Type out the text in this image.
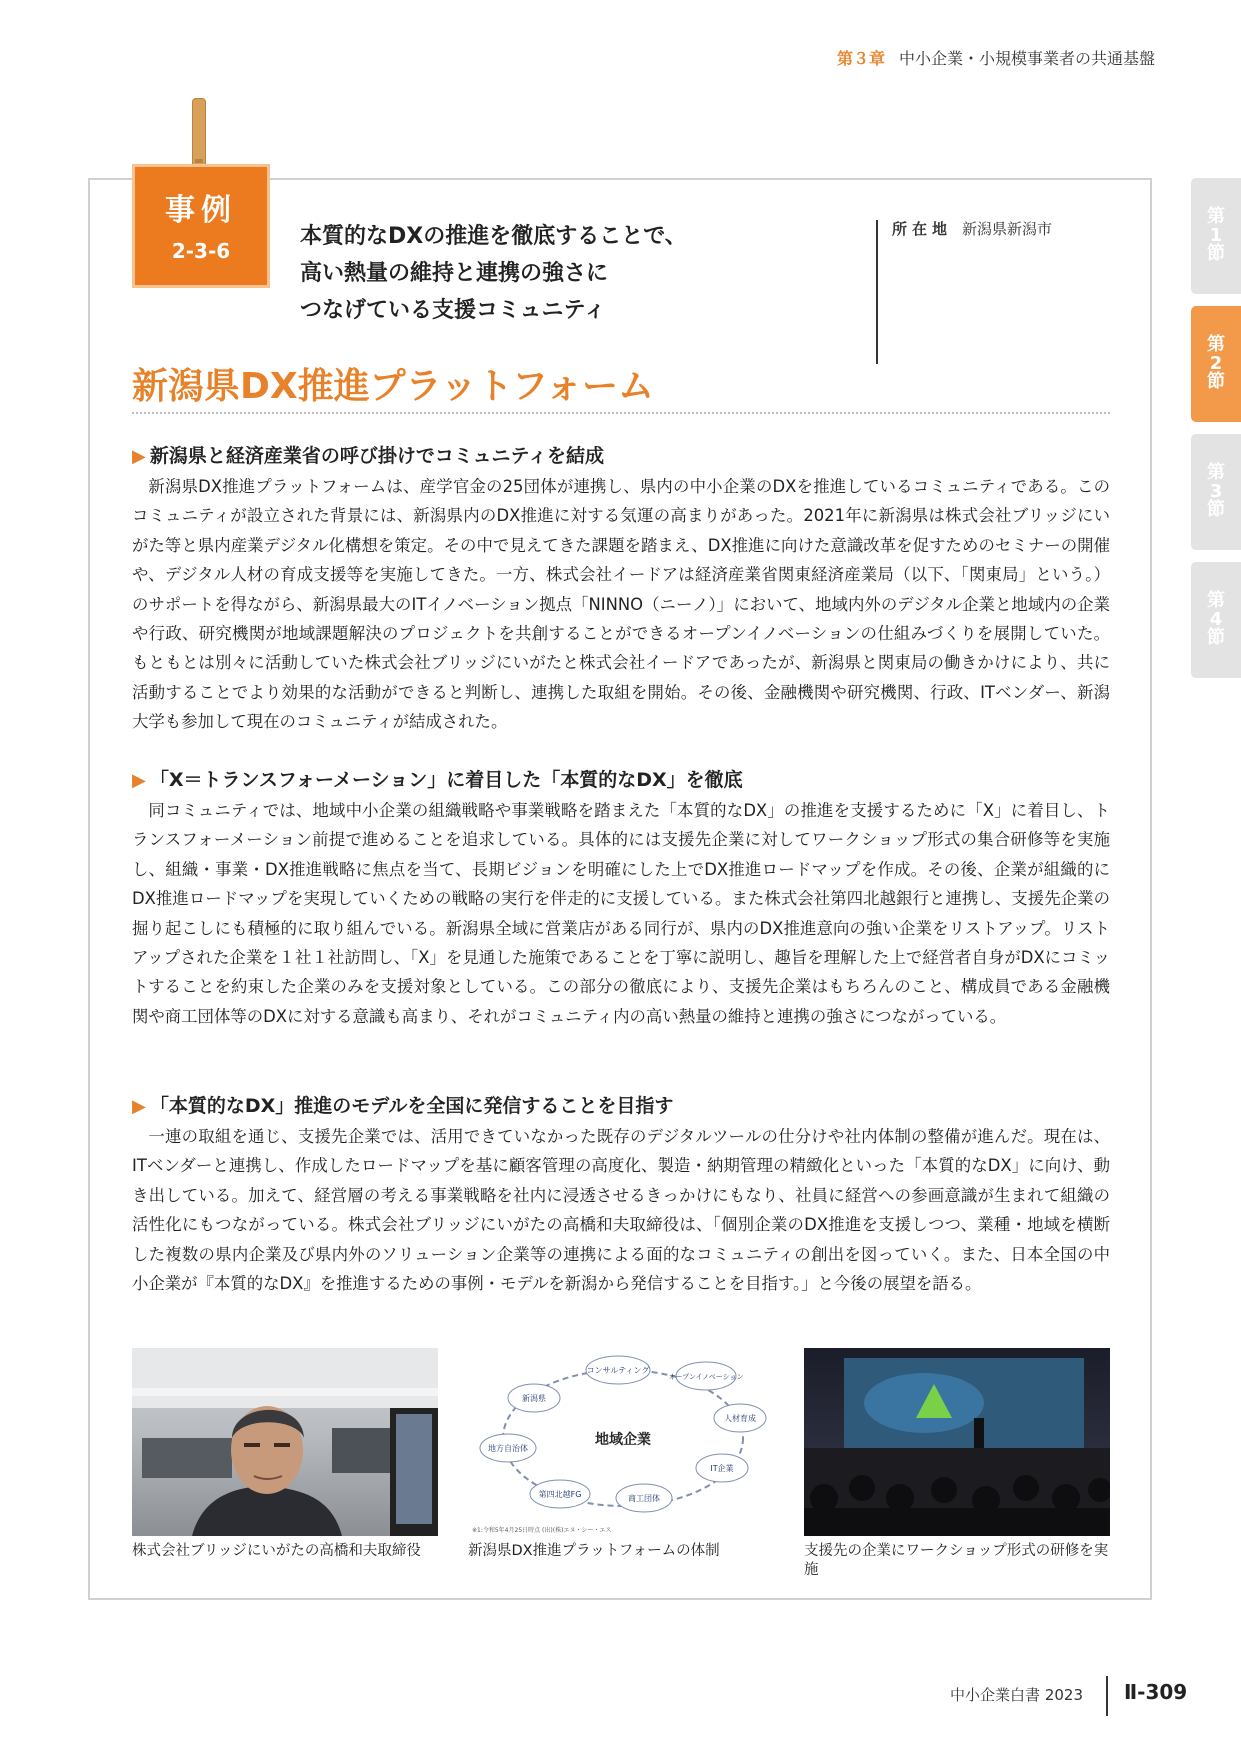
第３章 中小企業・小規模事業者の共通基盤
第
1
節
第
2
節
第
3
節
第
4
節
事例
2-3-6
本質的なDXの推進を徹底することで、
高い熱量の維持と連携の強さに
つなげている支援コミュニティ
所在地 新潟県新潟市
新潟県DX推進プラットフォーム
▶ 新潟県と経済産業省の呼び掛けでコミュニティを結成

新潟県DX推進プラットフォームは、産学官金の25団体が連携し、県内の中小企業のDXを推進しているコミュニティである。このコミュニティが設立された背景には、新潟県内のDX推進に対する気運の高まりがあった。2021年に新潟県は株式会社ブリッジにいがた等と県内産業デジタル化構想を策定。その中で見えてきた課題を踏まえ、DX推進に向けた意識改革を促すためのセミナーの開催や、デジタル人材の育成支援等を実施してきた。一方、株式会社イードアは経済産業省関東経済産業局（以下、「関東局」という。）のサポートを得ながら、新潟県最大のITイノベーション拠点「NINNO（ニーノ）」において、地域内外のデジタル企業と地域内の企業や行政、研究機関が地域課題解決のプロジェクトを共創することができるオープンイノベーションの仕組みづくりを展開していた。もともとは別々に活動していた株式会社ブリッジにいがたと株式会社イードアであったが、新潟県と関東局の働きかけにより、共に活動することでより効果的な活動ができると判断し、連携した取組を開始。その後、金融機関や研究機関、行政、ITベンダー、新潟大学も参加して現在のコミュニティが結成された。

▶ 「X＝トランスフォーメーション」に着目した「本質的なDX」を徹底

同コミュニティでは、地域中小企業の組織戦略や事業戦略を踏まえた「本質的なDX」の推進を支援するために「X」に着目し、トランスフォーメーション前提で進めることを追求している。具体的には支援先企業に対してワークショップ形式の集合研修等を実施し、組織・事業・DX推進戦略に焦点を当て、長期ビジョンを明確にした上でDX推進ロードマップを作成。その後、企業が組織的にDX推進ロードマップを実現していくための戦略の実行を伴走的に支援している。また株式会社第四北越銀行と連携し、支援先企業の掘り起こしにも積極的に取り組んでいる。新潟県全域に営業店がある同行が、県内のDX推進意向の強い企業をリストアップ。リストアップされた企業を１社１社訪問し、「X」を見通した施策であることを丁寧に説明し、趣旨を理解した上で経営者自身がDXにコミットすることを約束した企業のみを支援対象としている。この部分の徹底により、支援先企業はもちろんのこと、構成員である金融機関や商工団体等のDXに対する意識も高まり、それがコミュニティ内の高い熱量の維持と連携の強さにつながっている。

▶ 「本質的なDX」推進のモデルを全国に発信することを目指す

一連の取組を通じ、支援先企業では、活用できていなかった既存のデジタルツールの仕分けや社内体制の整備が進んだ。現在は、ITベンダーと連携し、作成したロードマップを基に顧客管理の高度化、製造・納期管理の精緻化といった「本質的なDX」に向け、動き出している。加えて、経営層の考える事業戦略を社内に浸透させるきっかけにもなり、社員に経営への参画意識が生まれて組織の活性化にもつながっている。株式会社ブリッジにいがたの高橋和夫取締役は、「個別企業のDX推進を支援しつつ、業種・地域を横断した複数の県内企業及び県内外のソリューション企業等の連携による面的なコミュニティの創出を図っていく。また、日本全国の中小企業が『本質的なDX』を推進するための事例・モデルを新潟から発信することを目指す。」と今後の展望を語る。

地域企業
コンサルティング
オープンイノベーション
人材育成
IT企業
商工団体
第四北越FG
地方自治体
新潟県
※1:令和5年4月25日時点 (出)(株)エヌ・シー・エス
株式会社ブリッジにいがたの高橋和夫取締役	新潟県DX推進プラットフォームの体制	支援先の企業にワークショップ形式の研修を実施
中小企業白書 2023 Ⅱ-309
